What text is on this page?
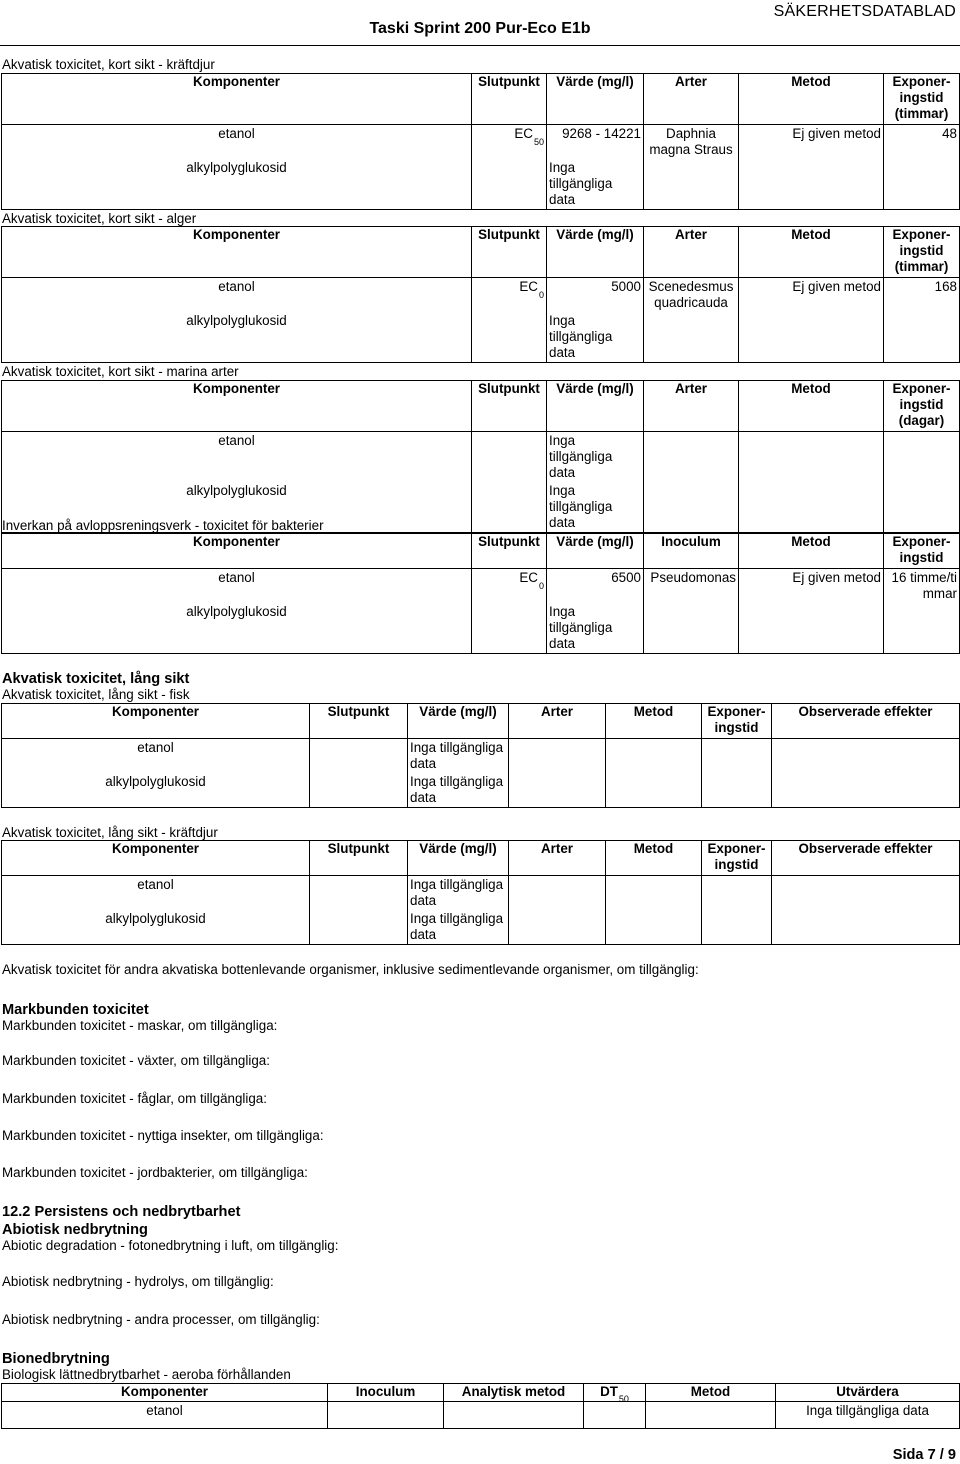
SÄKERHETSDATABLAD
Taski Sprint 200 Pur-Eco E1b
Akvatisk toxicitet, kort sikt - kräftdjur
Komponenter	Slutpunkt	Värde (mg/l)	Arter	Metod	Exponer-ingstid (timmar)
etanol	$EC_{50}$	9268 - 14221	Daphnia magna Straus	Ej given metod	48
alkylpolyglukosid		Inga tillgängliga data			
Akvatisk toxicitet, kort sikt - alger
Komponenter	Slutpunkt	Värde (mg/l)	Arter	Metod	Exponer-ingstid (timmar)
etanol	$EC_0$	5000	Scenedesmus quadricauda	Ej given metod	168
alkylpolyglukosid		Inga tillgängliga data			
Akvatisk toxicitet, kort sikt - marina arter
Komponenter	Slutpunkt	Värde (mg/l)	Arter	Metod	Exponer-ingstid (dagar)
etanol		Inga tillgängliga data			
alkylpolyglukosid		Inga tillgängliga data			
Inverkan på avloppsreningsverk - toxicitet för bakterier
Komponenter	Slutpunkt	Värde (mg/l)	Inoculum	Metod	Exponer-ingstid
etanol	$EC_0$	6500	Pseudomonas	Ej given metod	16 timme/timmar
alkylpolyglukosid		Inga tillgängliga data			
Akvatisk toxicitet, lång sikt
Akvatisk toxicitet, lång sikt - fisk
Komponenter	Slutpunkt	Värde (mg/l)	Arter	Metod	Exponer-ingstid	Observerade effekter
etanol		Inga tillgängliga data				
alkylpolyglukosid		Inga tillgängliga data				
Akvatisk toxicitet, lång sikt - kräftdjur
Komponenter	Slutpunkt	Värde (mg/l)	Arter	Metod	Exponer-ingstid	Observerade effekter
etanol		Inga tillgängliga data				
alkylpolyglukosid		Inga tillgängliga data				
Akvatisk toxicitet för andra akvatiska bottenlevande organismer, inklusive sedimentlevande organismer, om tillgänglig:
Markbunden toxicitet
Markbunden toxicitet - maskar, om tillgängliga:
Markbunden toxicitet - växter, om tillgängliga:
Markbunden toxicitet - fåglar, om tillgängliga:
Markbunden toxicitet - nyttiga insekter, om tillgängliga:
Markbunden toxicitet - jordbakterier, om tillgängliga:
12.2 Persistens och nedbrytbarhet
Abiotisk nedbrytning
Abiotic degradation - fotonedbrytning i luft, om tillgänglig:
Abiotisk nedbrytning - hydrolys, om tillgänglig:
Abiotisk nedbrytning - andra processer, om tillgänglig:
Bionedbrytning
Biologisk lättnedbrytbarhet - aeroba förhållanden
Komponenter	Inoculum	Analytisk metod	$DT_{50}$	Metod	Utvärdera
etanol					Inga tillgängliga data
Sida 7 / 9
